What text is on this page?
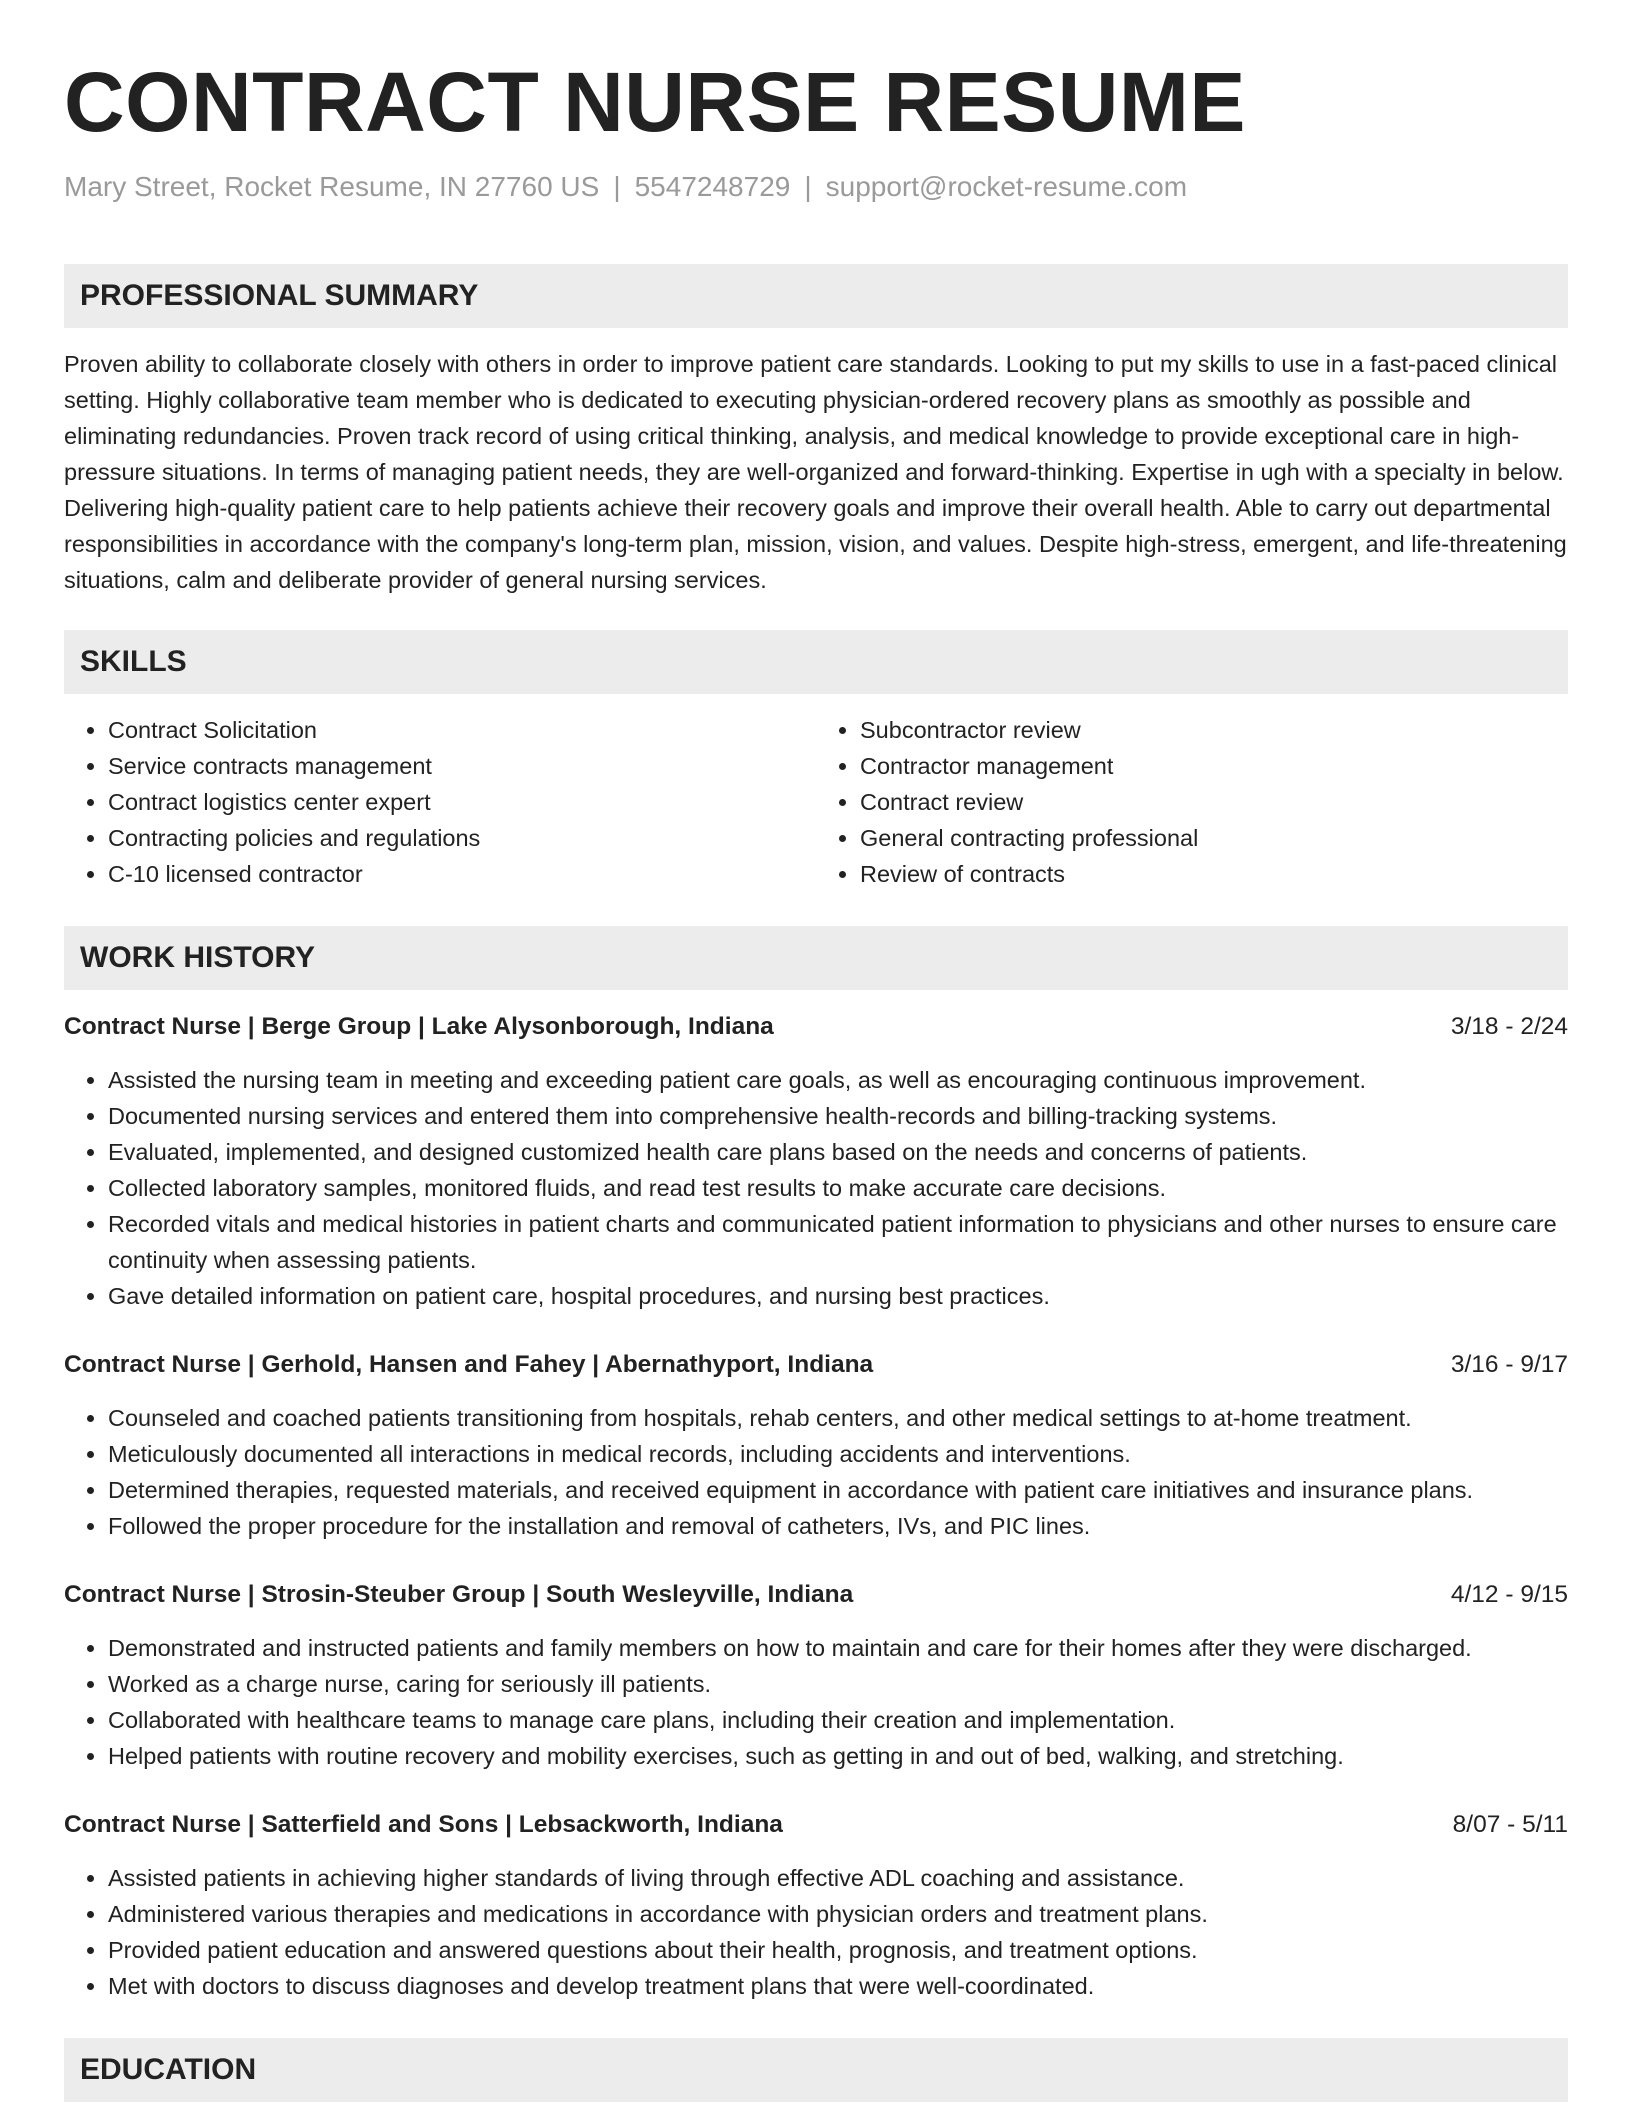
CONTRACT NURSE RESUME
Mary Street, Rocket Resume, IN 27760 US | 5547248729 | support@rocket-resume.com
PROFESSIONAL SUMMARY

Proven ability to collaborate closely with others in order to improve patient care standards. Looking to put my skills to use in a fast-paced clinical setting. Highly collaborative team member who is dedicated to executing physician-ordered recovery plans as smoothly as possible and eliminating redundancies. Proven track record of using critical thinking, analysis, and medical knowledge to provide exceptional care in high-pressure situations. In terms of managing patient needs, they are well-organized and forward-thinking. Expertise in ugh with a specialty in below. Delivering high-quality patient care to help patients achieve their recovery goals and improve their overall health. Able to carry out departmental responsibilities in accordance with the company's long-term plan, mission, vision, and values. Despite high-stress, emergent, and life-threatening situations, calm and deliberate provider of general nursing services.

SKILLS
• Contract Solicitation
• Service contracts management
• Contract logistics center expert
• Contracting policies and regulations
• C-10 licensed contractor
• Subcontractor review
• Contractor management
• Contract review
• General contracting professional
• Review of contracts
WORK HISTORY
Contract Nurse | Berge Group | Lake Alysonborough, Indiana	3/18 - 2/24
• Assisted the nursing team in meeting and exceeding patient care goals, as well as encouraging continuous improvement.
• Documented nursing services and entered them into comprehensive health-records and billing-tracking systems.
• Evaluated, implemented, and designed customized health care plans based on the needs and concerns of patients.
• Collected laboratory samples, monitored fluids, and read test results to make accurate care decisions.
• Recorded vitals and medical histories in patient charts and communicated patient information to physicians and other nurses to ensure care continuity when assessing patients.
• Gave detailed information on patient care, hospital procedures, and nursing best practices.
Contract Nurse | Gerhold, Hansen and Fahey | Abernathyport, Indiana	3/16 - 9/17
• Counseled and coached patients transitioning from hospitals, rehab centers, and other medical settings to at-home treatment.
• Meticulously documented all interactions in medical records, including accidents and interventions.
• Determined therapies, requested materials, and received equipment in accordance with patient care initiatives and insurance plans.
• Followed the proper procedure for the installation and removal of catheters, IVs, and PIC lines.
Contract Nurse | Strosin-Steuber Group | South Wesleyville, Indiana	4/12 - 9/15
• Demonstrated and instructed patients and family members on how to maintain and care for their homes after they were discharged.
• Worked as a charge nurse, caring for seriously ill patients.
• Collaborated with healthcare teams to manage care plans, including their creation and implementation.
• Helped patients with routine recovery and mobility exercises, such as getting in and out of bed, walking, and stretching.
Contract Nurse | Satterfield and Sons | Lebsackworth, Indiana	8/07 - 5/11
• Assisted patients in achieving higher standards of living through effective ADL coaching and assistance.
• Administered various therapies and medications in accordance with physician orders and treatment plans.
• Provided patient education and answered questions about their health, prognosis, and treatment options.
• Met with doctors to discuss diagnoses and develop treatment plans that were well-coordinated.
EDUCATION
